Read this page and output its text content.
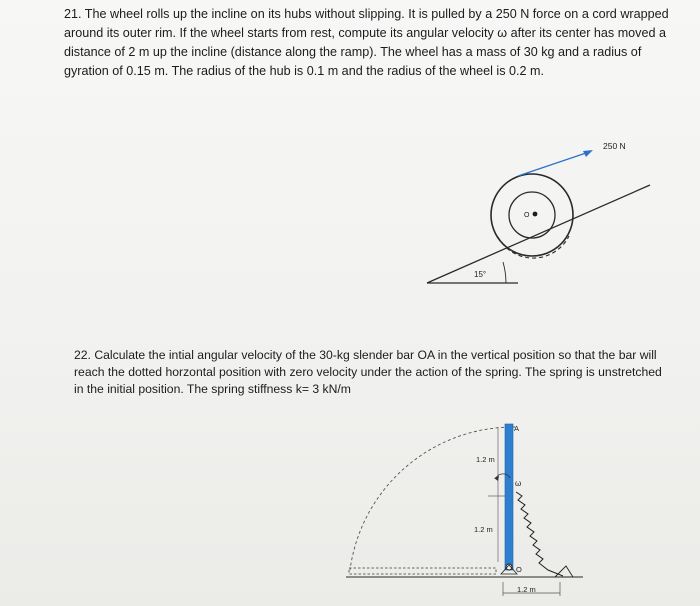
21. The wheel rolls up the incline on its hubs without slipping. It is pulled by a 250 N force on a cord wrapped around its outer rim. If the wheel starts from rest, compute its angular velocity ω after its center has moved a distance of 2 m up the incline (distance along the ramp). The wheel has a mass of 30 kg and a radius of gyration of 0.15 m. The radius of the hub is 0.1 m and the radius of the wheel is 0.2 m.

15°
O
250 N

22. Calculate the intial angular velocity of the 30-kg slender bar OA in the vertical position so that the bar will reach the dotted horzontal position with zero velocity under the action of the spring. The spring is unstretched in the initial position. The spring stiffness k= 3 kN/m

1.2 m
1.2 m
A
ω
O
1.2 m
